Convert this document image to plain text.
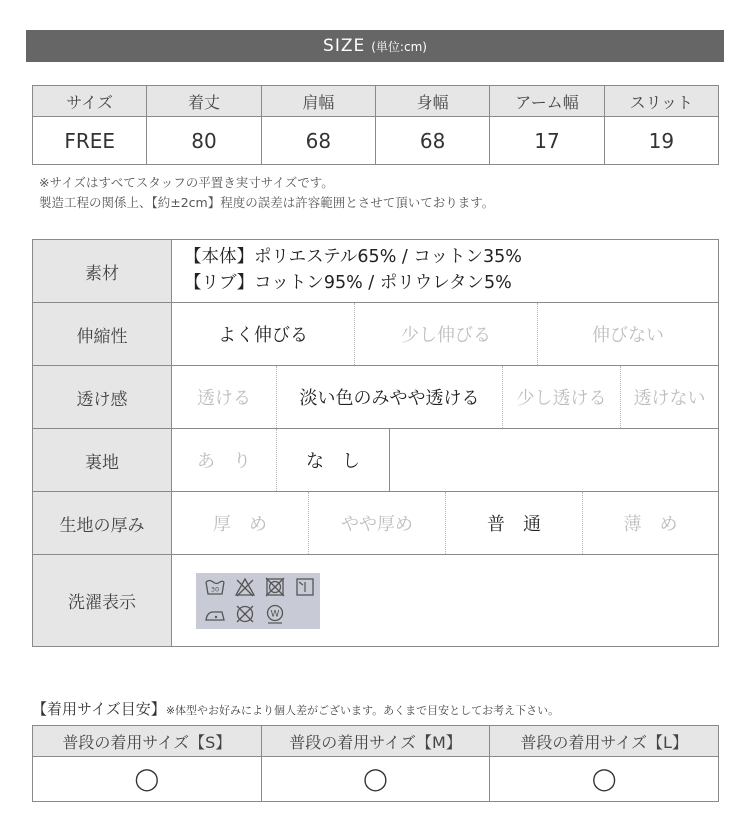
SIZE (単位:cm)
サイズ	着丈	肩幅	身幅	アーム幅	スリット
FREE	80	68	68	17	19
※サイズはすべてスタッフの平置き実寸サイズです。
製造工程の関係上、【約±2cm】程度の誤差は許容範囲とさせて頂いております。
素材
【本体】ポリエステル65% / コットン35%
【リブ】コットン95% / ポリウレタン5%
伸縮性	よく伸びる	少し伸びる	伸びない
透け感	透ける	淡い色のみやや透ける	少し透ける	透けない
裏地	あ　り	な　し
生地の厚み	厚　め	やや厚め	普　通	薄　め
洗濯表示
30
W
【着用サイズ目安】※体型やお好みにより個人差がございます。あくまで目安としてお考え下さい。
普段の着用サイズ【S】	普段の着用サイズ【M】	普段の着用サイズ【L】
◯	◯	◯
